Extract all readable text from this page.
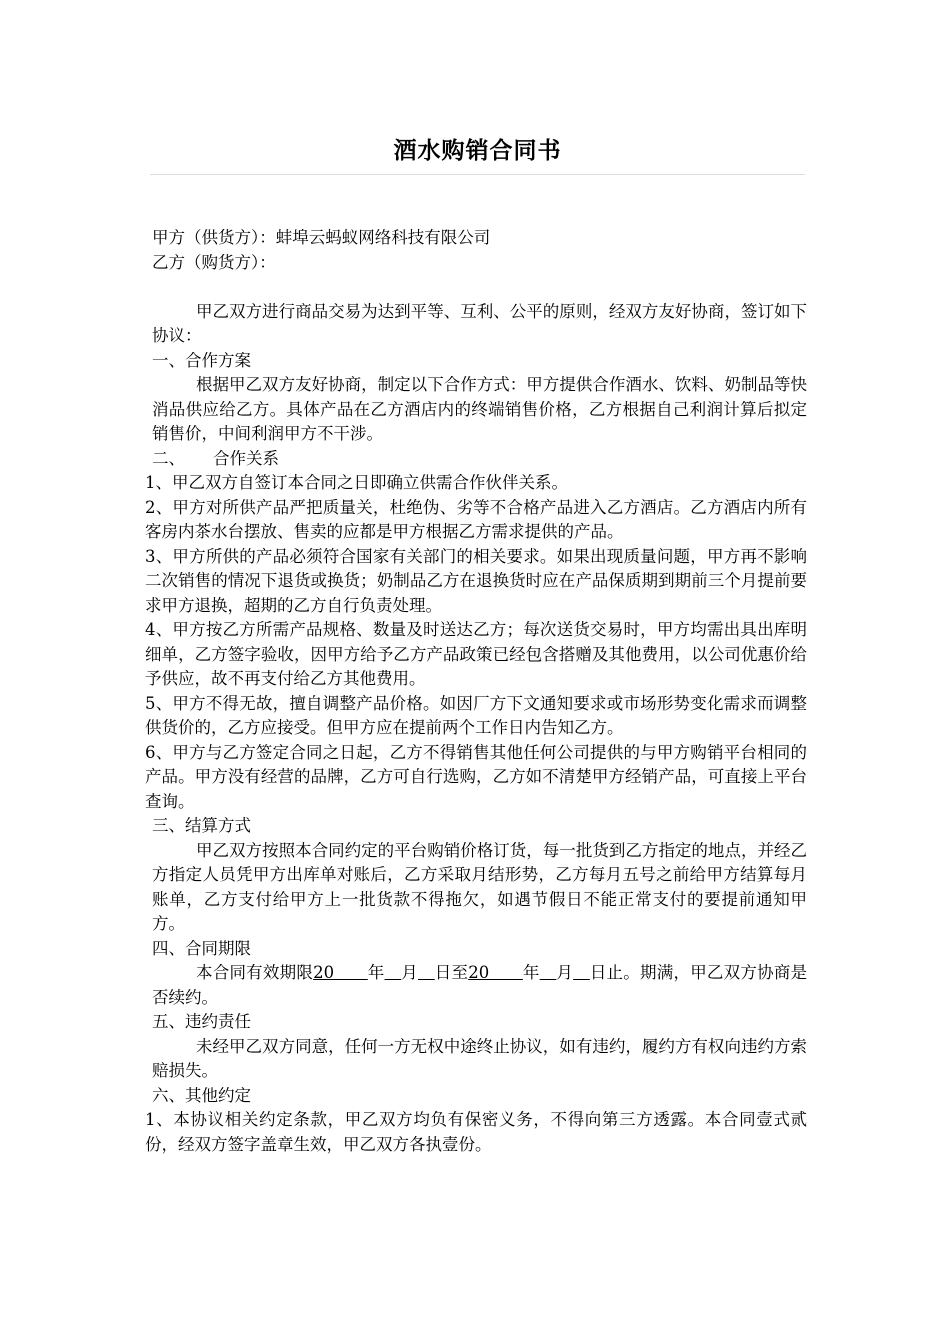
酒水购销合同书

甲方（供货方）：蚌埠云蚂蚁网络科技有限公司

乙方（购货方）：

甲乙双方进行商品交易为达到平等、互利、公平的原则，经双方友好协商，签订如下协议：

一、合作方案

根据甲乙双方友好协商，制定以下合作方式：甲方提供合作酒水、饮料、奶制品等快消品供应给乙方。具体产品在乙方酒店内的终端销售价格，乙方根据自己利润计算后拟定销售价，中间利润甲方不干涉。

二、 合作关系

1、甲乙双方自签订本合同之日即确立供需合作伙伴关系。

2、甲方对所供产品严把质量关，杜绝伪、劣等不合格产品进入乙方酒店。乙方酒店内所有客房内茶水台摆放、售卖的应都是甲方根据乙方需求提供的产品。

3、甲方所供的产品必须符合国家有关部门的相关要求。如果出现质量问题，甲方再不影响二次销售的情况下退货或换货；奶制品乙方在退换货时应在产品保质期到期前三个月提前要求甲方退换，超期的乙方自行负责处理。

4、甲方按乙方所需产品规格、数量及时送达乙方；每次送货交易时，甲方均需出具出库明细单，乙方签字验收，因甲方给予乙方产品政策已经包含搭赠及其他费用，以公司优惠价给予供应，故不再支付给乙方其他费用。

5、甲方不得无故，擅自调整产品价格。如因厂方下文通知要求或市场形势变化需求而调整供货价的，乙方应接受。但甲方应在提前两个工作日内告知乙方。

6、甲方与乙方签定合同之日起，乙方不得销售其他任何公司提供的与甲方购销平台相同的产品。甲方没有经营的品牌，乙方可自行选购，乙方如不清楚甲方经销产品，可直接上平台查询。

三、结算方式

甲乙双方按照本合同约定的平台购销价格订货，每一批货到乙方指定的地点，并经乙方指定人员凭甲方出库单对账后，乙方采取月结形势，乙方每月五号之前给甲方结算每月账单，乙方支付给甲方上一批货款不得拖欠，如遇节假日不能正常支付的要提前通知甲方。

四、合同期限

本合同有效期限20　　年　 月　 日至20　　年　 月　 日止。期满，甲乙双方协商是否续约。

五、违约责任

未经甲乙双方同意，任何一方无权中途终止协议，如有违约，履约方有权向违约方索赔损失。

六、其他约定

1、本协议相关约定条款，甲乙双方均负有保密义务，不得向第三方透露。本合同壹式贰份，经双方签字盖章生效，甲乙双方各执壹份。
